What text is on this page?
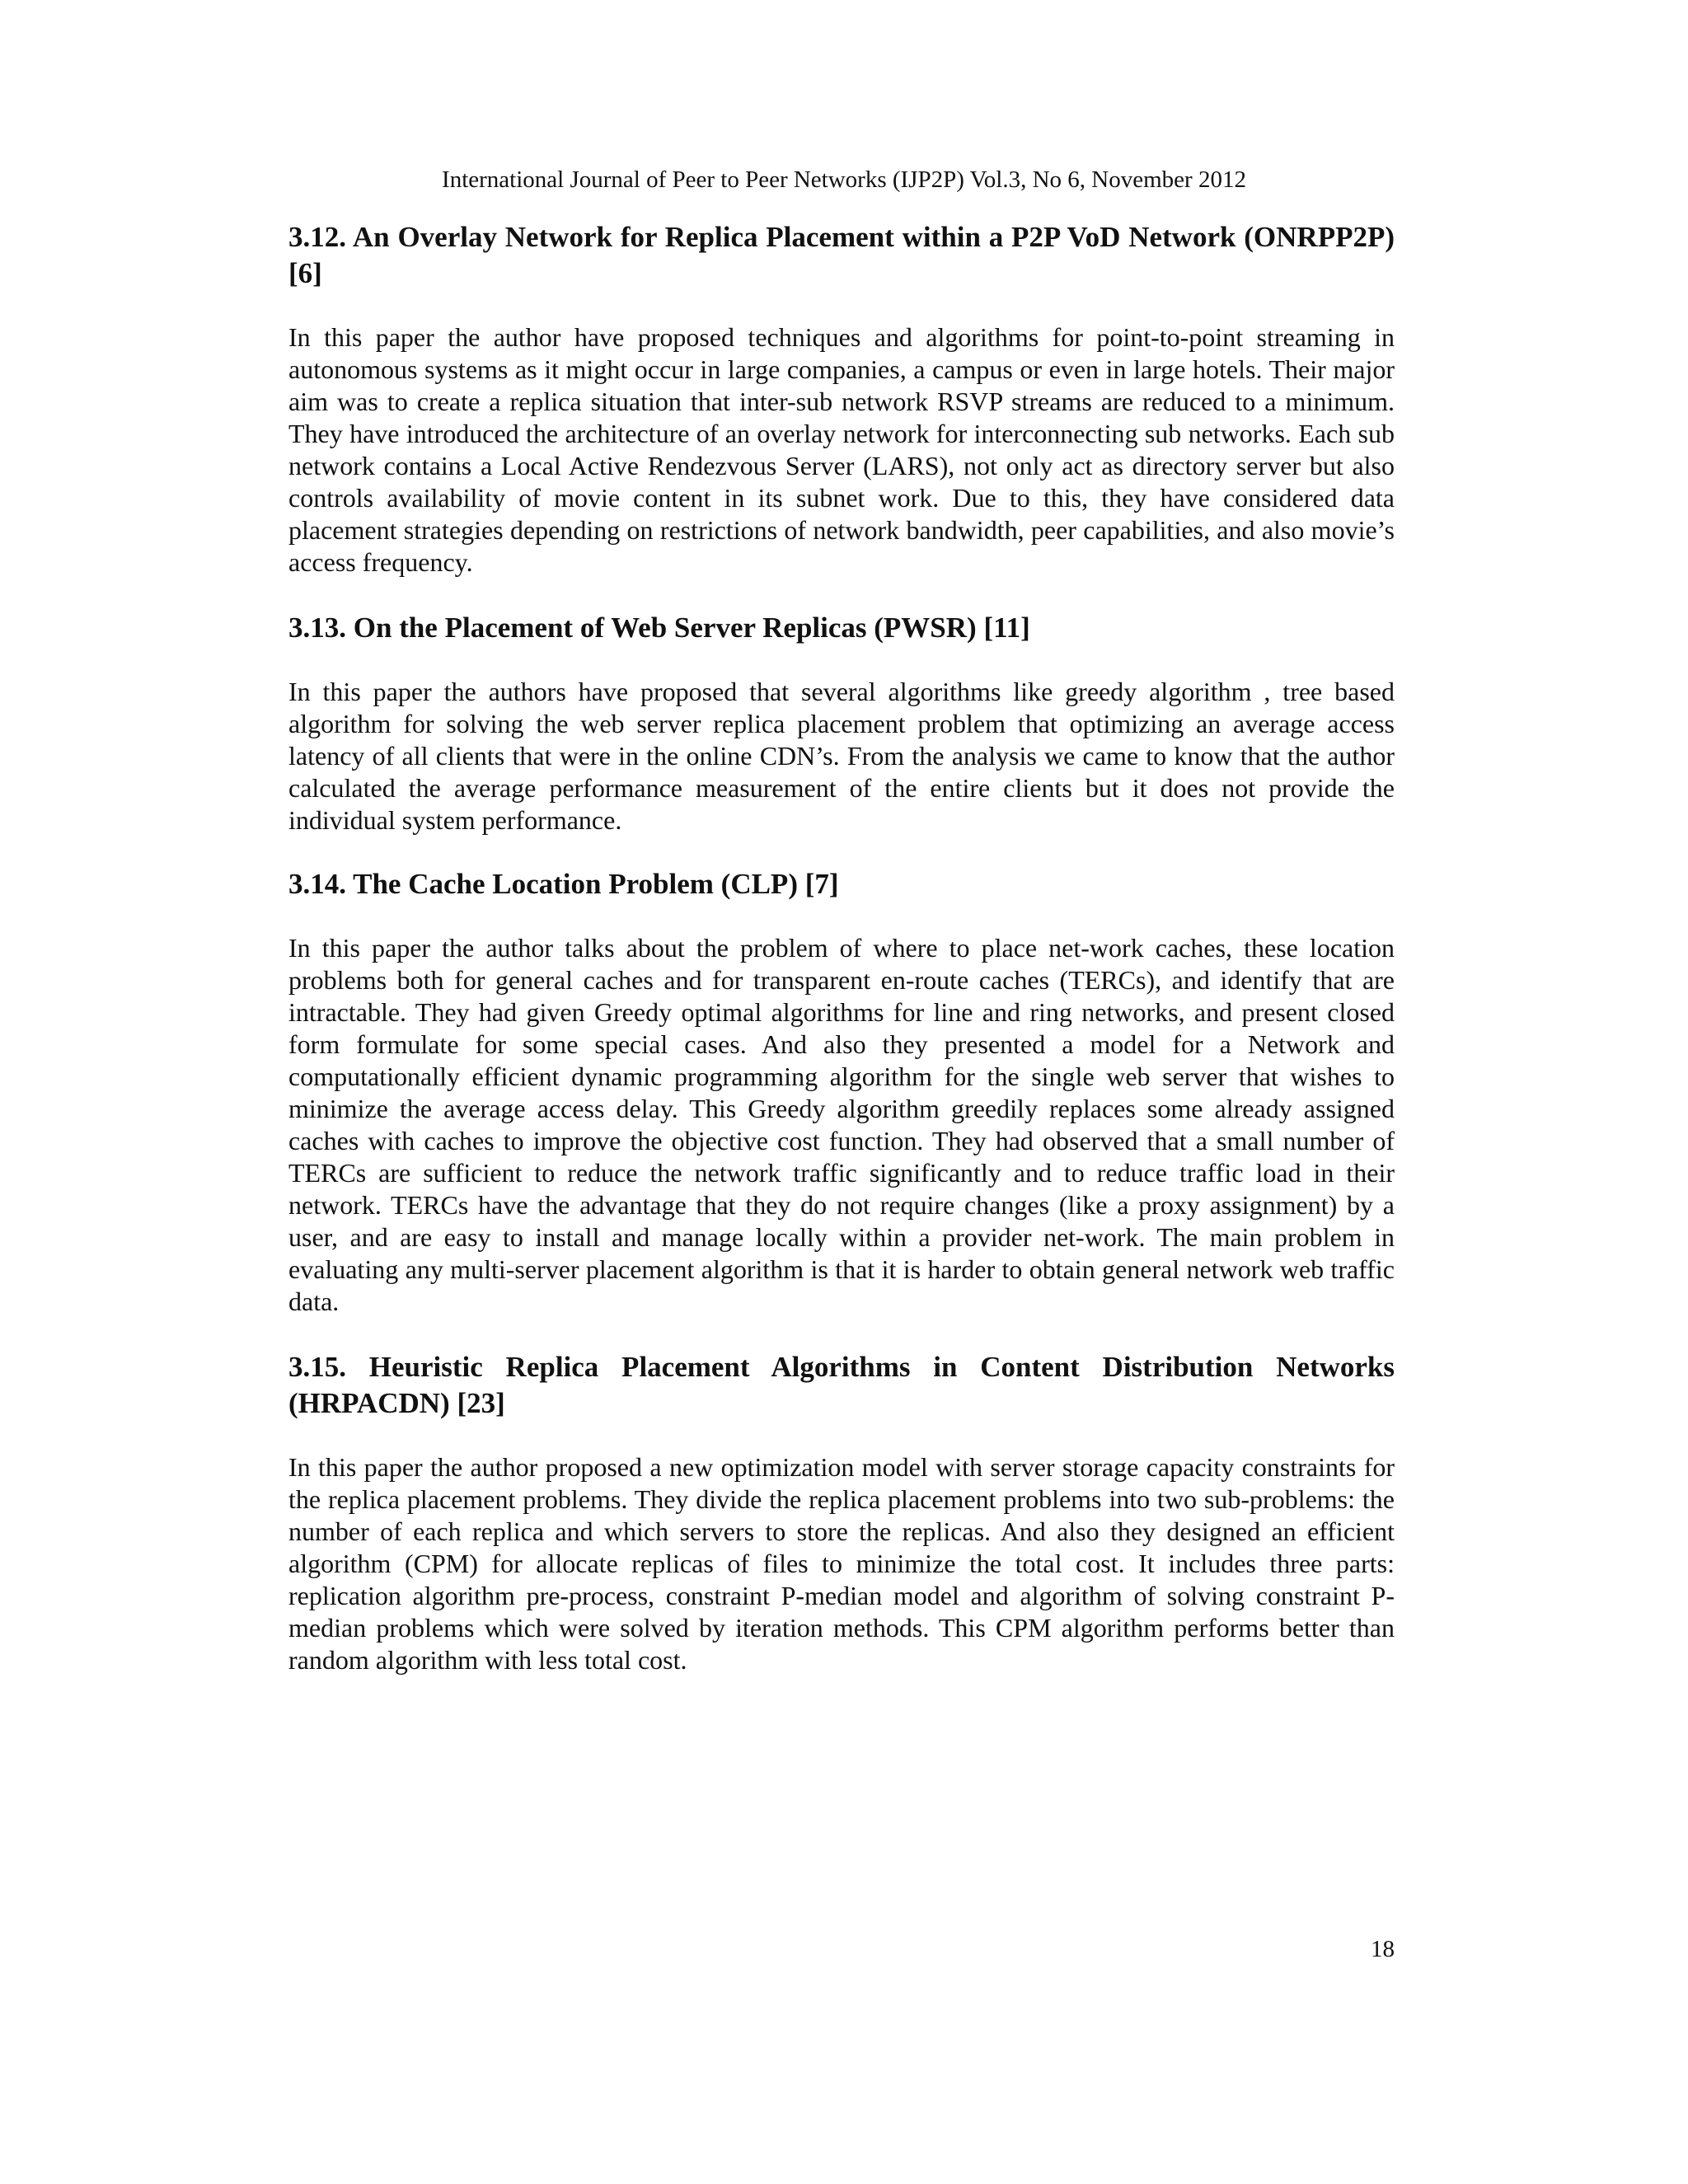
International Journal of Peer to Peer Networks (IJP2P) Vol.3, No 6, November 2012
3.12. An Overlay Network for Replica Placement within a P2P VoD Network (ONRPP2P) [6]

In this paper the author have proposed techniques and algorithms for point-to-point streaming in autonomous systems as it might occur in large companies, a campus or even in large hotels. Their major aim was to create a replica situation that inter-sub network RSVP streams are reduced to a minimum. They have introduced the architecture of an overlay network for interconnecting sub networks. Each sub network contains a Local Active Rendezvous Server (LARS), not only act as directory server but also controls availability of movie content in its subnet work. Due to this, they have considered data placement strategies depending on restrictions of network bandwidth, peer capabilities, and also movie’s access frequency.

3.13. On the Placement of Web Server Replicas (PWSR) [11]

In this paper the authors have proposed that several algorithms like greedy algorithm , tree based algorithm for solving the web server replica placement problem that optimizing an average access latency of all clients that were in the online CDN’s. From the analysis we came to know that the author calculated the average performance measurement of the entire clients but it does not provide the individual system performance.

3.14. The Cache Location Problem (CLP) [7]

In this paper the author talks about the problem of where to place net-work caches, these location problems both for general caches and for transparent en-route caches (TERCs), and identify that are intractable. They had given Greedy optimal algorithms for line and ring networks, and present closed form formulate for some special cases. And also they presented a model for a Network and computationally efficient dynamic programming algorithm for the single web server that wishes to minimize the average access delay. This Greedy algorithm greedily replaces some already assigned caches with caches to improve the objective cost function. They had observed that a small number of TERCs are sufficient to reduce the network traffic significantly and to reduce traffic load in their network. TERCs have the advantage that they do not require changes (like a proxy assignment) by a user, and are easy to install and manage locally within a provider net-work. The main problem in evaluating any multi-server placement algorithm is that it is harder to obtain general network web traffic data.

3.15. Heuristic Replica Placement Algorithms in Content Distribution Networks (HRPACDN) [23]

In this paper the author proposed a new optimization model with server storage capacity constraints for the replica placement problems. They divide the replica placement problems into two sub-problems: the number of each replica and which servers to store the replicas. And also they designed an efficient algorithm (CPM) for allocate replicas of files to minimize the total cost. It includes three parts: replication algorithm pre-process, constraint P-median model and algorithm of solving constraint P-median problems which were solved by iteration methods. This CPM algorithm performs better than random algorithm with less total cost.

18
